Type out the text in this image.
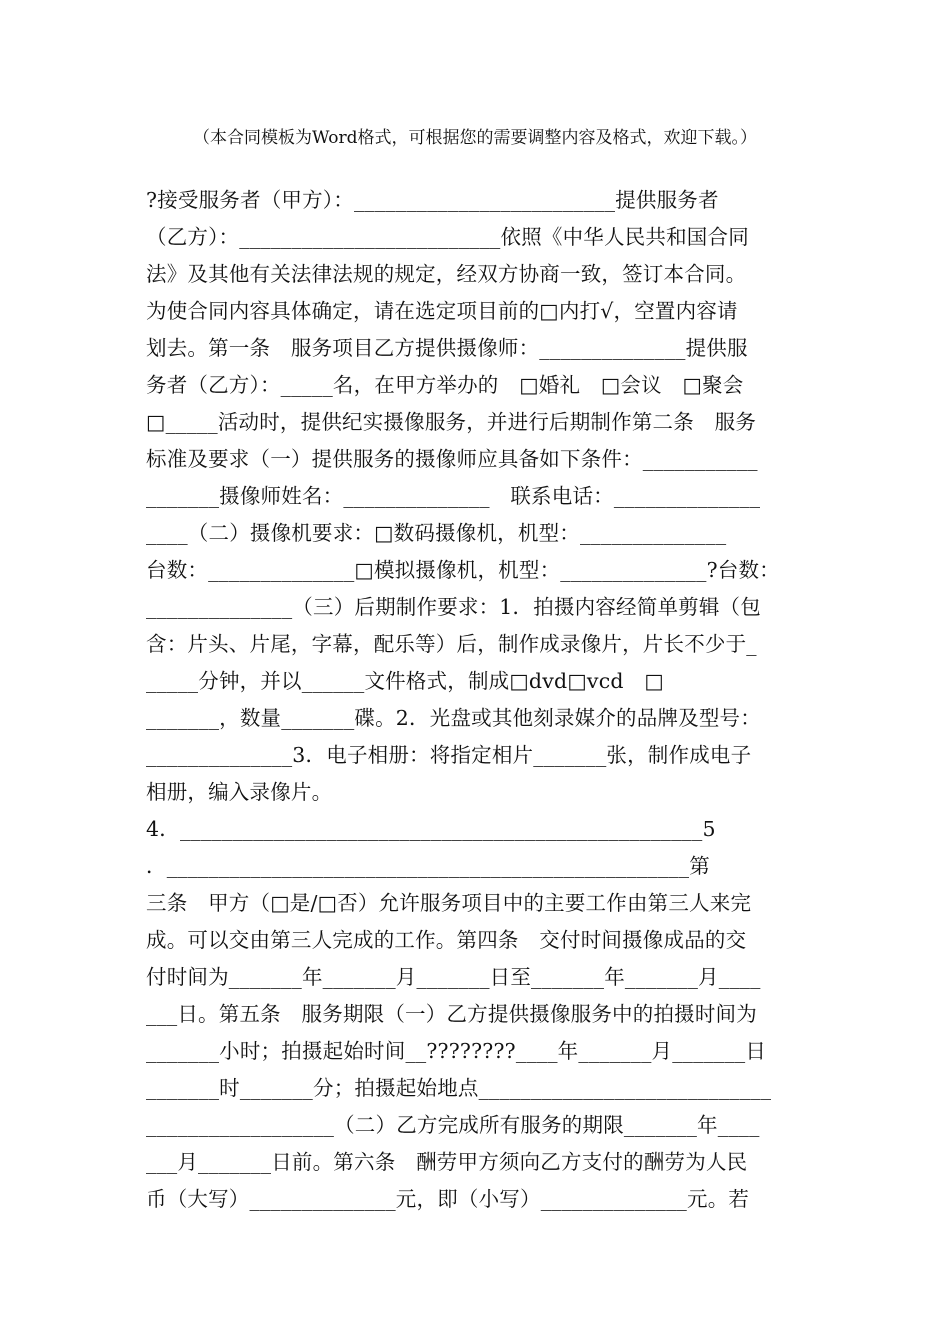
（本合同模板为Word格式，可根据您的需要调整内容及格式，欢迎下载。）
?接受服务者（甲方）：_________________________提供服务者
（乙方）：_________________________依照《中华人民共和国合同
法》及其他有关法律法规的规定，经双方协商一致，签订本合同。
为使合同内容具体确定，请在选定项目前的□内打√，空置内容请
划去。第一条　服务项目乙方提供摄像师：______________提供服
务者（乙方）：_____名，在甲方举办的　□婚礼　□会议　□聚会
□_____活动时，提供纪实摄像服务，并进行后期制作第二条　服务
标准及要求（一）提供服务的摄像师应具备如下条件：___________
_______摄像师姓名：______________　联系电话：______________
____（二）摄像机要求：□数码摄像机，机型：______________
台数：______________□模拟摄像机，机型：______________?台数：
______________（三）后期制作要求：1．拍摄内容经简单剪辑（包
含：片头、片尾，字幕，配乐等）后，制作成录像片，片长不少于_
_____分钟，并以______文件格式，制成□dvd□vcd　□
_______，数量_______碟。2．光盘或其他刻录媒介的品牌及型号：
______________3．电子相册：将指定相片_______张，制作成电子
相册，编入录像片。
4．__________________________________________________5
．__________________________________________________第
三条　甲方（□是/□否）允许服务项目中的主要工作由第三人来完
成。可以交由第三人完成的工作。第四条　交付时间摄像成品的交
付时间为_______年_______月_______日至_______年_______月____
___日。第五条　服务期限（一）乙方提供摄像服务中的拍摄时间为
_______小时；拍摄起始时间__????????____年_______月_______日
_______时_______分；拍摄起始地点____________________________
__________________（二）乙方完成所有服务的期限_______年____
___月_______日前。第六条　酬劳甲方须向乙方支付的酬劳为人民
币（大写）______________元，即（小写）______________元。若
